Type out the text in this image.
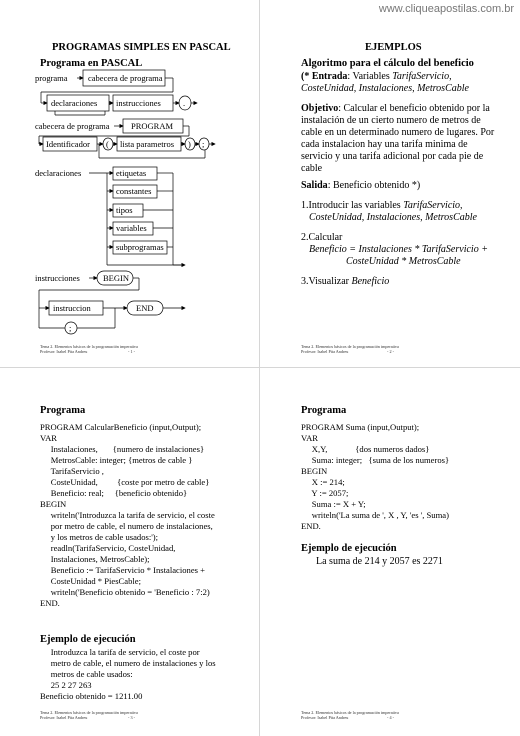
www.cliqueapostilas.com.br
PROGRAMAS SIMPLES EN PASCAL
Programa en PASCAL
programa cabecera de programa
declaraciones instrucciones	.
cabecera de programa	PROGRAM
Identificador ( lista parametros ) ;
declaraciones	etiquetas
constantes
tipos
variables
subprogramas
instrucciones	BEGIN
instruccion	END
;
Tema 2. Elementos básicos de la programación imperativa
Profesor: Isabel Pita Andreu	- 1 -
EJEMPLOS
Algoritmo para el cálculo del beneficio
(* Entrada: Variables TarifaServicio,
CosteUnidad, Instalaciones, MetrosCable
Objetivo: Calcular el beneficio obtenido por la
instalación de un cierto numero de metros de
cable en un determinado numero de lugares. Por
cada instalacion hay una tarifa minima de
servicio y una tarifa adicional por cada pie de
cable
Salida: Beneficio obtenido *)
1.Introducir las variables TarifaServicio,
CosteUnidad, Instalaciones, MetrosCable
2.Calcular
Beneficio = Instalaciones * TarifaServicio +
CosteUnidad * MetrosCable
3.Visualizar Beneficio
Tema 2. Elementos básicos de la programación imperativa
Profesor: Isabel Pita Andreu	- 2 -
Programa
PROGRAM CalcularBeneficio (input,Output);
VAR
Instalaciones,       {numero de instalaciones}
MetrosCable: integer; {metros de cable }
TarifaServicio ,
CosteUnidad,         {coste por metro de cable}
Beneficio: real;     {beneficio obtenido}
BEGIN
writeln('Introduzca la tarifa de servicio, el coste
por metro de cable, el numero de instalaciones,
y los metros de cable usados:');
readln(TarifaServicio, CosteUnidad,
Instalaciones, MetrosCable);
Beneficio := TarifaServicio * Instalaciones +
CosteUnidad * PiesCable;
writeln('Beneficio obtenido = 'Beneficio : 7:2)
END.
Ejemplo de ejecución
Introduzca la tarifa de servicio, el coste por
metro de cable, el numero de instalaciones y los
metros de cable usados:
25 2 27 263
Beneficio obtenido = 1211.00
Tema 2. Elementos básicos de la programación imperativa
Profesor: Isabel Pita Andreu	- 3 -
Programa
PROGRAM Suma (input,Output);
VAR
X,Y,             {dos numeros dados}
Suma: integer;   {suma de los numeros}
BEGIN
X := 214;
Y := 2057;
Suma := X + Y;
writeln('La suma de ', X , Y, 'es ', Suma)
END.
Ejemplo de ejecución
La suma de 214 y 2057 es 2271
Tema 2. Elementos básicos de la programación imperativa
Profesor: Isabel Pita Andreu	- 4 -
